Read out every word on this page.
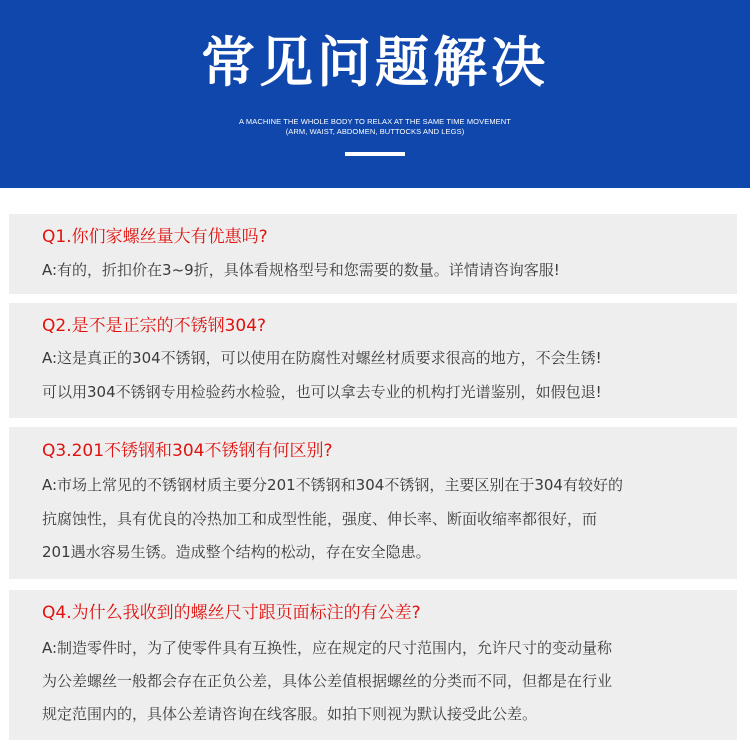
常见问题解决
A MACHINE THE WHOLE BODY TO RELAX AT THE SAME TIME MOVEMENT
(ARM, WAIST, ABDOMEN, BUTTOCKS AND LEGS)
Q1.你们家螺丝量大有优惠吗?
A:有的，折扣价在3~9折，具体看规格型号和您需要的数量。详情请咨询客服!
Q2.是不是正宗的不锈钢304?
A:这是真正的304不锈钢，可以使用在防腐性对螺丝材质要求很高的地方，不会生锈!
可以用304不锈钢专用检验药水检验，也可以拿去专业的机构打光谱鉴别，如假包退!
Q3.201不锈钢和304不锈钢有何区别?
A:市场上常见的不锈钢材质主要分201不锈钢和304不锈钢，主要区别在于304有较好的
抗腐蚀性，具有优良的冷热加工和成型性能，强度、伸长率、断面收缩率都很好，而
201遇水容易生锈。造成整个结构的松动，存在安全隐患。
Q4.为什么我收到的螺丝尺寸跟页面标注的有公差?
A:制造零件时，为了使零件具有互换性，应在规定的尺寸范围内，允许尺寸的变动量称
为公差螺丝一般都会存在正负公差，具体公差值根据螺丝的分类而不同，但都是在行业
规定范围内的，具体公差请咨询在线客服。如拍下则视为默认接受此公差。
